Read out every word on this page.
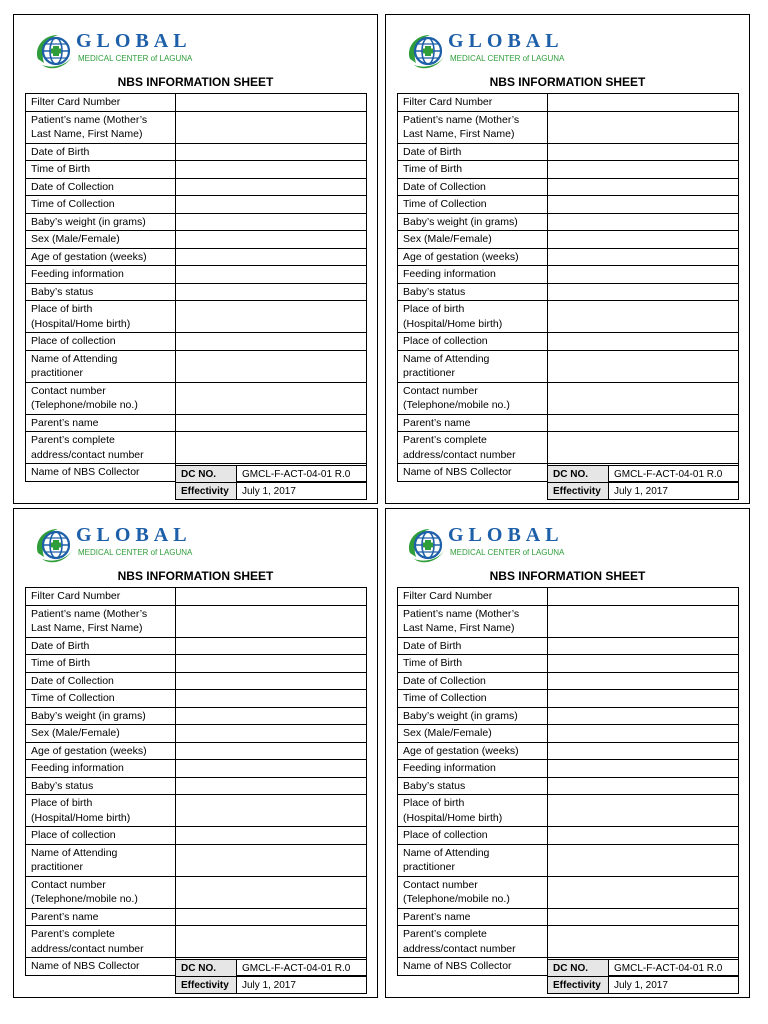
GLOBAL
MEDICAL CENTER of LAGUNA
NBS INFORMATION SHEET
Filter Card Number	

Patient’s name (Mother’s
Last Name, First Name)	

Date of Birth	

Time of Birth	

Date of Collection	

Time of Collection	

Baby’s weight (in grams)	

Sex (Male/Female)	

Age of gestation (weeks)	

Feeding information	

Baby’s status	

Place of birth
(Hospital/Home birth)	

Place of collection	

Name of Attending
practitioner	

Contact number
(Telephone/mobile no.)	

Parent’s name	

Parent’s complete
address/contact number	

Name of NBS Collector	
		DC NO.	GMCL-F-ACT-04-01 R.0
Effectivity	July 1, 2017
GLOBAL
MEDICAL CENTER of LAGUNA
NBS INFORMATION SHEET
Filter Card Number	

Patient’s name (Mother’s
Last Name, First Name)	

Date of Birth	

Time of Birth	

Date of Collection	

Time of Collection	

Baby’s weight (in grams)	

Sex (Male/Female)	

Age of gestation (weeks)	

Feeding information	

Baby’s status	

Place of birth
(Hospital/Home birth)	

Place of collection	

Name of Attending
practitioner	

Contact number
(Telephone/mobile no.)	

Parent’s name	

Parent’s complete
address/contact number	

Name of NBS Collector	
		DC NO.	GMCL-F-ACT-04-01 R.0
Effectivity	July 1, 2017
GLOBAL
MEDICAL CENTER of LAGUNA
NBS INFORMATION SHEET
Filter Card Number	

Patient’s name (Mother’s
Last Name, First Name)	

Date of Birth	

Time of Birth	

Date of Collection	

Time of Collection	

Baby’s weight (in grams)	

Sex (Male/Female)	

Age of gestation (weeks)	

Feeding information	

Baby’s status	

Place of birth
(Hospital/Home birth)	

Place of collection	

Name of Attending
practitioner	

Contact number
(Telephone/mobile no.)	

Parent’s name	

Parent’s complete
address/contact number	

Name of NBS Collector	
		DC NO.	GMCL-F-ACT-04-01 R.0
Effectivity	July 1, 2017
GLOBAL
MEDICAL CENTER of LAGUNA
NBS INFORMATION SHEET
Filter Card Number	

Patient’s name (Mother’s
Last Name, First Name)	

Date of Birth	

Time of Birth	

Date of Collection	

Time of Collection	

Baby’s weight (in grams)	

Sex (Male/Female)	

Age of gestation (weeks)	

Feeding information	

Baby’s status	

Place of birth
(Hospital/Home birth)	

Place of collection	

Name of Attending
practitioner	

Contact number
(Telephone/mobile no.)	

Parent’s name	

Parent’s complete
address/contact number	

Name of NBS Collector	
		DC NO.	GMCL-F-ACT-04-01 R.0
Effectivity	July 1, 2017
